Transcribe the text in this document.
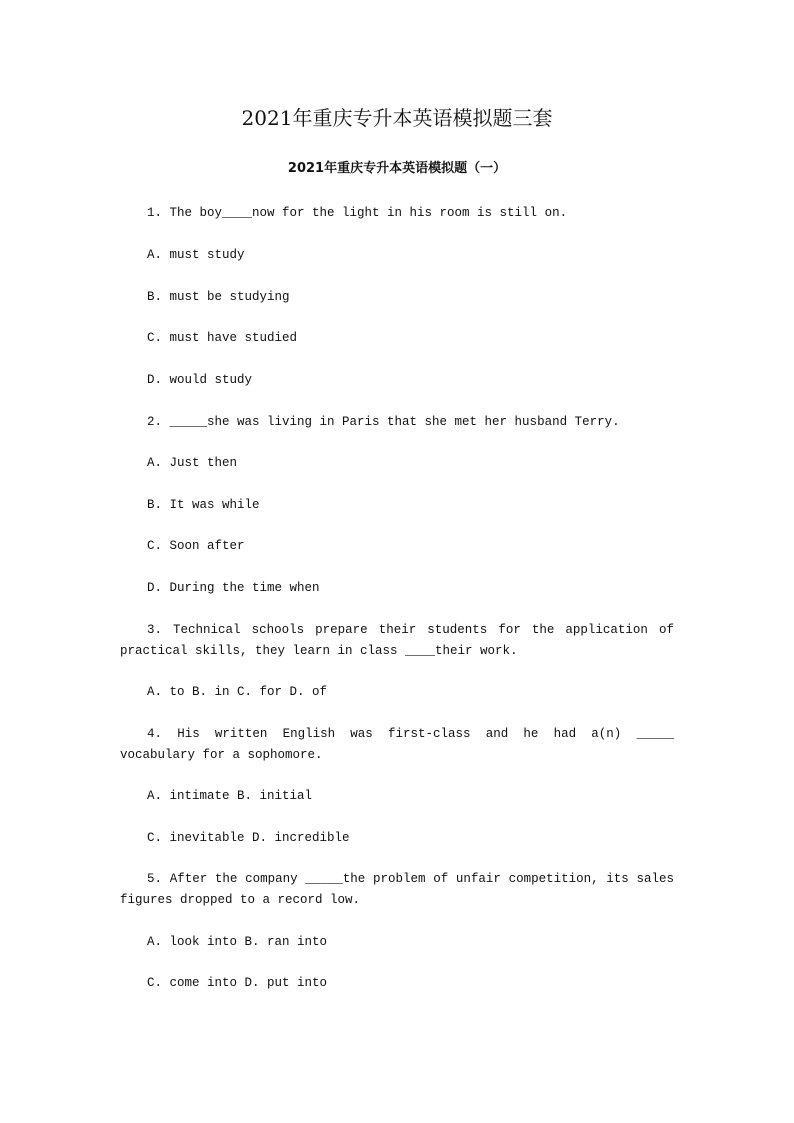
2021年重庆专升本英语模拟题三套
2021年重庆专升本英语模拟题（一）
1. The boy____now for the light in his room is still on.
A. must study
B. must be studying
C. must have studied
D. would study
2. _____she was living in Paris that she met her husband Terry.
A. Just then
B. It was while
C. Soon after
D. During the time when
3. Technical schools prepare their students for the application of practical skills, they learn in class ____their work.
A. to B. in C. for D. of
4. His written English was first-class and he had a(n) _____ vocabulary for a sophomore.
A. intimate B. initial
C. inevitable D. incredible
5. After the company _____the problem of unfair competition, its sales figures dropped to a record low.
A. look into B. ran into
C. come into D. put into
